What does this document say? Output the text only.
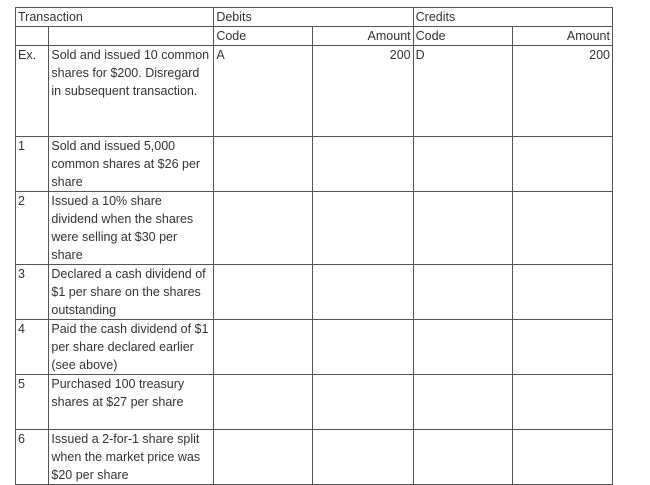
Transaction		Debits		Credits	
		Code	Amount	Code	Amount
Ex.	Sold and issued 10 common shares for $200. Disregard in subsequent transaction.	A	200	D	200
1	Sold and issued 5,000 common shares at $26 per share				
2	Issued a 10% share dividend when the shares were selling at $30 per share				
3	Declared a cash dividend of $1 per share on the shares outstanding				
4	Paid the cash dividend of $1 per share declared earlier (see above)				
5	Purchased 100 treasury shares at $27 per share				
6	Issued a 2-for-1 share split when the market price was $20 per share				
